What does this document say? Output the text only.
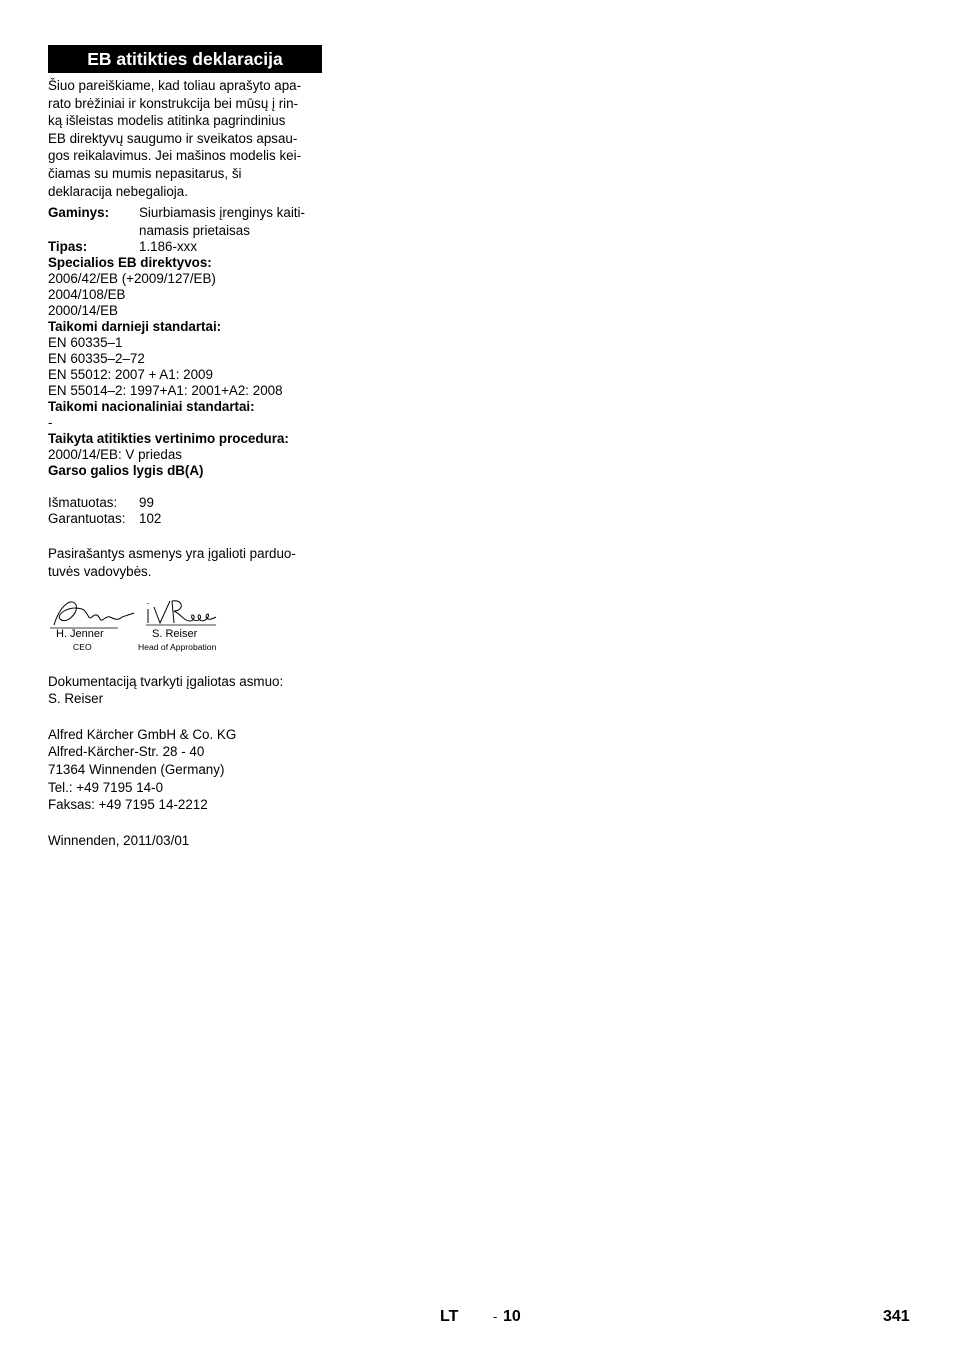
EB atitikties deklaracija

Šiuo pareiškiame, kad toliau aprašyto apa-

rato brėžiniai ir konstrukcija bei mūsų į rin-

ką išleistas modelis atitinka pagrindinius

EB direktyvų saugumo ir sveikatos apsau-

gos reikalavimus. Jei mašinos modelis kei-

čiamas su mumis nepasitarus, ši

deklaracija nebegalioja.

Gaminys:	Siurbiamasis įrenginys kaiti-
namasis prietaisas
Tipas:	1.186-xxx
Specialios EB direktyvos:
2006/42/EB (+2009/127/EB)
2004/108/EB
2000/14/EB
Taikomi darnieji standartai:
EN 60335–1
EN 60335–2–72
EN 55012: 2007 + A1: 2009
EN 55014–2: 1997+A1: 2001+A2: 2008
Taikomi nacionaliniai standartai:
-
Taikyta atitikties vertinimo procedura:
2000/14/EB: V priedas
Garso galios lygis dB(A)
Išmatuotas:	99
Garantuotas:	102

Pasirašantys asmenys yra įgalioti parduo-

tuvės vadovybės.

H. Jenner
CEO
S. Reiser
Head of Approbation

Dokumentaciją tvarkyti įgaliotas asmuo:

S. Reiser

Alfred Kärcher GmbH & Co. KG

Alfred-Kärcher-Str. 28 - 40

71364 Winnenden (Germany)

Tel.: +49 7195 14-0

Faksas: +49 7195 14-2212

Winnenden, 2011/03/01

LT	- 10	341
